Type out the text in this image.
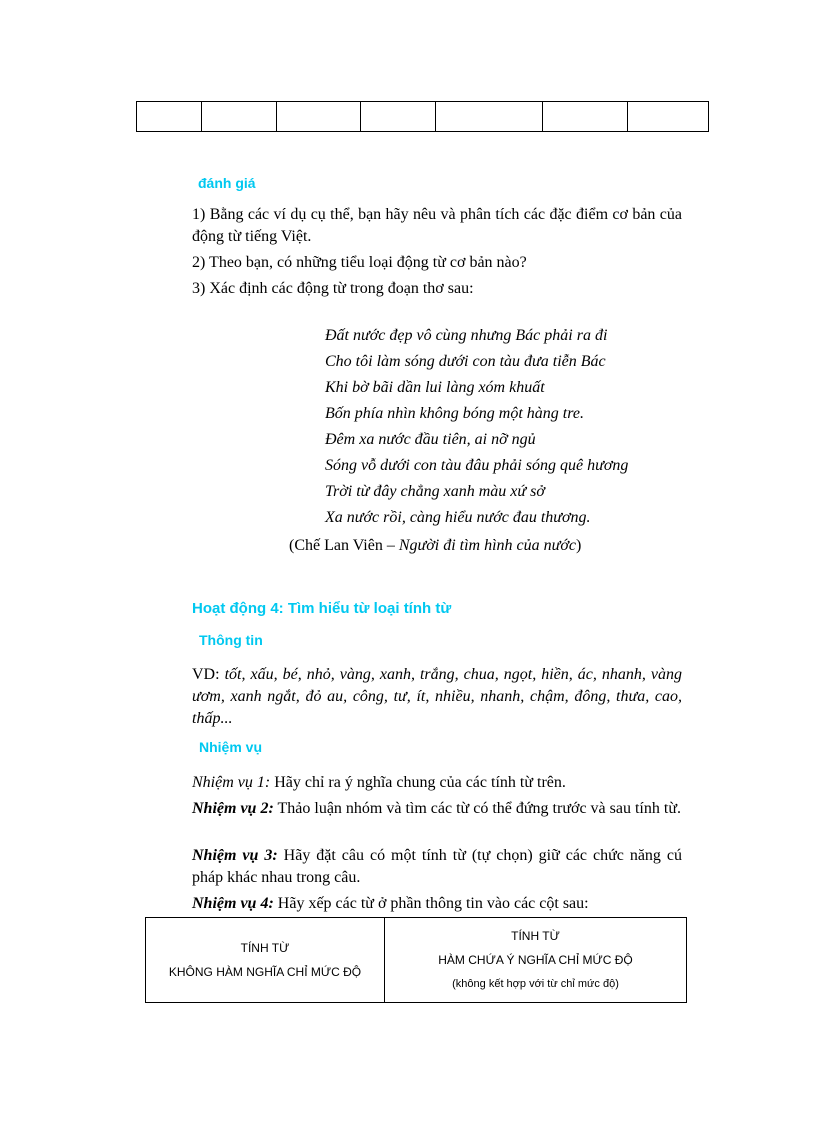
đánh giá
1) Bằng các ví dụ cụ thể, bạn hãy nêu và phân tích các đặc điểm cơ bản của động từ tiếng Việt.
2) Theo bạn, có những tiểu loại động từ cơ bản nào?
3) Xác định các động từ trong đoạn thơ sau:
Đất nước đẹp vô cùng nhưng Bác phải ra đi
Cho tôi làm sóng dưới con tàu đưa tiễn Bác
Khi bờ bãi dần lui làng xóm khuất
Bốn phía nhìn không bóng một hàng tre.
Đêm xa nước đầu tiên, ai nỡ ngủ
Sóng vỗ dưới con tàu đâu phải sóng quê hương
Trời từ đây chẳng xanh màu xứ sở
Xa nước rồi, càng hiểu nước đau thương.
(Chế Lan Viên – Người đi tìm hình của nước)
Hoạt động 4: Tìm hiểu từ loại tính từ
Thông tin
VD: tốt, xấu, bé, nhỏ, vàng, xanh, trắng, chua, ngọt, hiền, ác, nhanh, vàng ươm, xanh ngắt, đỏ au, công, tư, ít, nhiều, nhanh, chậm, đông, thưa, cao, thấp...
Nhiệm vụ
Nhiệm vụ 1: Hãy chỉ ra ý nghĩa chung của các tính từ trên.
Nhiệm vụ 2: Thảo luận nhóm và tìm các từ có thể đứng trước và sau tính từ.
Nhiệm vụ 3: Hãy đặt câu có một tính từ (tự chọn) giữ các chức năng cú pháp khác nhau trong câu.
Nhiệm vụ 4: Hãy xếp các từ ở phần thông tin vào các cột sau:
TÍNH TỪ
KHÔNG HÀM NGHĨA CHỈ MỨC ĐỘ

TÍNH TỪ
HÀM CHỨA Ý NGHĨA CHỈ MỨC ĐỘ
(không kết hợp với từ chỉ mức độ)
